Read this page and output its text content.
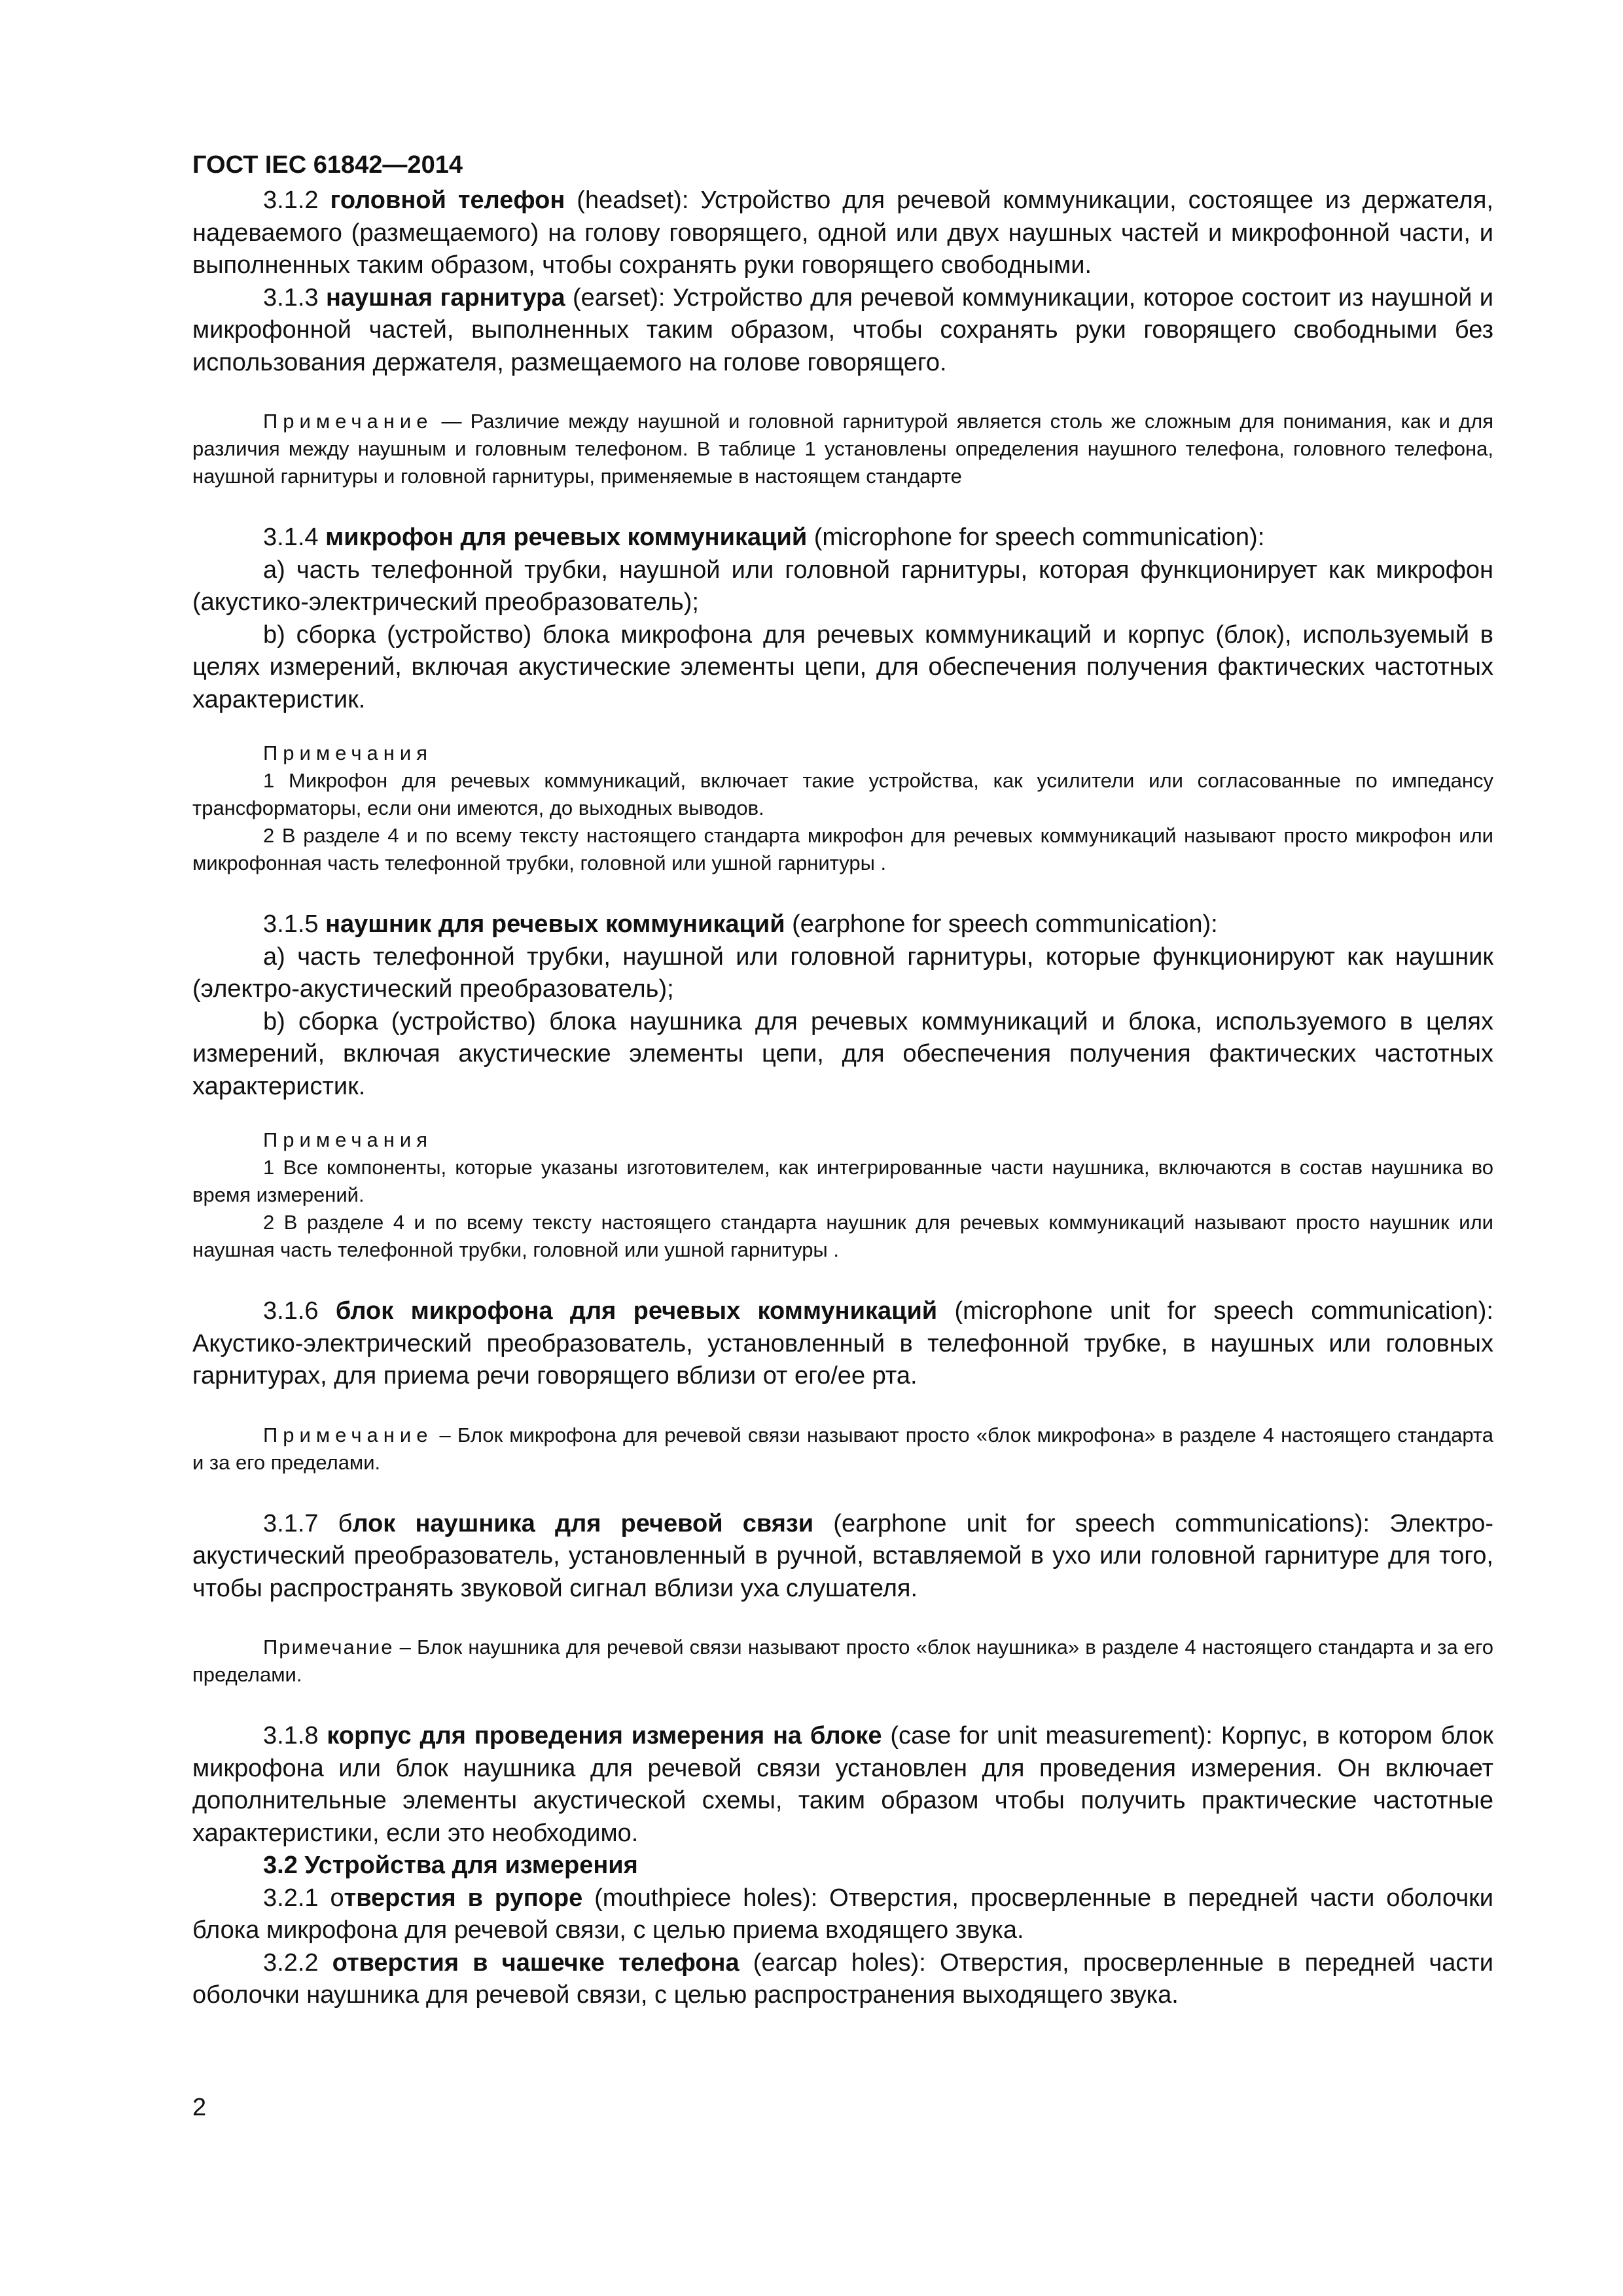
ГОСТ IEC 61842—2014

3.1.2 головной телефон (headset): Устройство для речевой коммуникации, состоящее из держателя, надеваемого (размещаемого) на голову говорящего, одной или двух наушных частей и микрофонной части, и выполненных таким образом, чтобы сохранять руки говорящего свободными.

3.1.3 наушная гарнитура (earset): Устройство для речевой коммуникации, которое состоит из наушной и микрофонной частей, выполненных таким образом, чтобы сохранять руки говорящего свободными без использования держателя, размещаемого на голове говорящего.

Примечание — Различие между наушной и головной гарнитурой является столь же сложным для понимания, как и для различия между наушным и головным телефоном. В таблице 1 установлены определения наушного телефона, головного телефона, наушной гарнитуры и головной гарнитуры, применяемые в настоящем стандарте

3.1.4 микрофон для речевых коммуникаций (microphone for speech communication):

а) часть телефонной трубки, наушной или головной гарнитуры, которая функционирует как микрофон (акустико-электрический преобразователь);

b) сборка (устройство) блока микрофона для речевых коммуникаций и корпус (блок), используемый в целях измерений, включая акустические элементы цепи, для обеспечения получения фактических частотных характеристик.

Примечания

1 Микрофон для речевых коммуникаций, включает такие устройства, как усилители или согласованные по импедансу трансформаторы, если они имеются, до выходных выводов.

2 В разделе 4 и по всему тексту настоящего стандарта микрофон для речевых коммуникаций называют просто микрофон или микрофонная часть телефонной трубки, головной или ушной гарнитуры .

3.1.5 наушник для речевых коммуникаций (earphone for speech communication):

а) часть телефонной трубки, наушной или головной гарнитуры, которые функционируют как наушник (электро-акустический преобразователь);

b) сборка (устройство) блока наушника для речевых коммуникаций и блока, используемого в целях измерений, включая акустические элементы цепи, для обеспечения получения фактических частотных характеристик.

Примечания

1 Все компоненты, которые указаны изготовителем, как интегрированные части наушника, включаются в состав наушника во время измерений.

2 В разделе 4 и по всему тексту настоящего стандарта наушник для речевых коммуникаций называют просто наушник или наушная часть телефонной трубки, головной или ушной гарнитуры .

3.1.6 блок микрофона для речевых коммуникаций (microphone unit for speech communication): Акустико-электрический преобразователь, установленный в телефонной трубке, в наушных или головных гарнитурах, для приема речи говорящего вблизи от его/ее рта.

Примечание – Блок микрофона для речевой связи называют просто «блок микрофона» в разделе 4 настоящего стандарта и за его пределами.

3.1.7 блок наушника для речевой связи (earphone unit for speech communications): Электро-акустический преобразователь, установленный в ручной, вставляемой в ухо или головной гарнитуре для того, чтобы распространять звуковой сигнал вблизи уха слушателя.

Примечание – Блок наушника для речевой связи называют просто «блок наушника» в разделе 4 настоящего стандарта и за его пределами.

3.1.8 корпус для проведения измерения на блоке (case for unit measurement): Корпус, в котором блок микрофона или блок наушника для речевой связи установлен для проведения измерения. Он включает дополнительные элементы акустической схемы, таким образом чтобы получить практические частотные характеристики, если это необходимо.

3.2 Устройства для измерения

3.2.1 отверстия в рупоре (mouthpiece holes): Отверстия, просверленные в передней части оболочки блока микрофона для речевой связи, с целью приема входящего звука.

3.2.2 отверстия в чашечке телефона (earcap holes): Отверстия, просверленные в передней части оболочки наушника для речевой связи, с целью распространения выходящего звука.

2
